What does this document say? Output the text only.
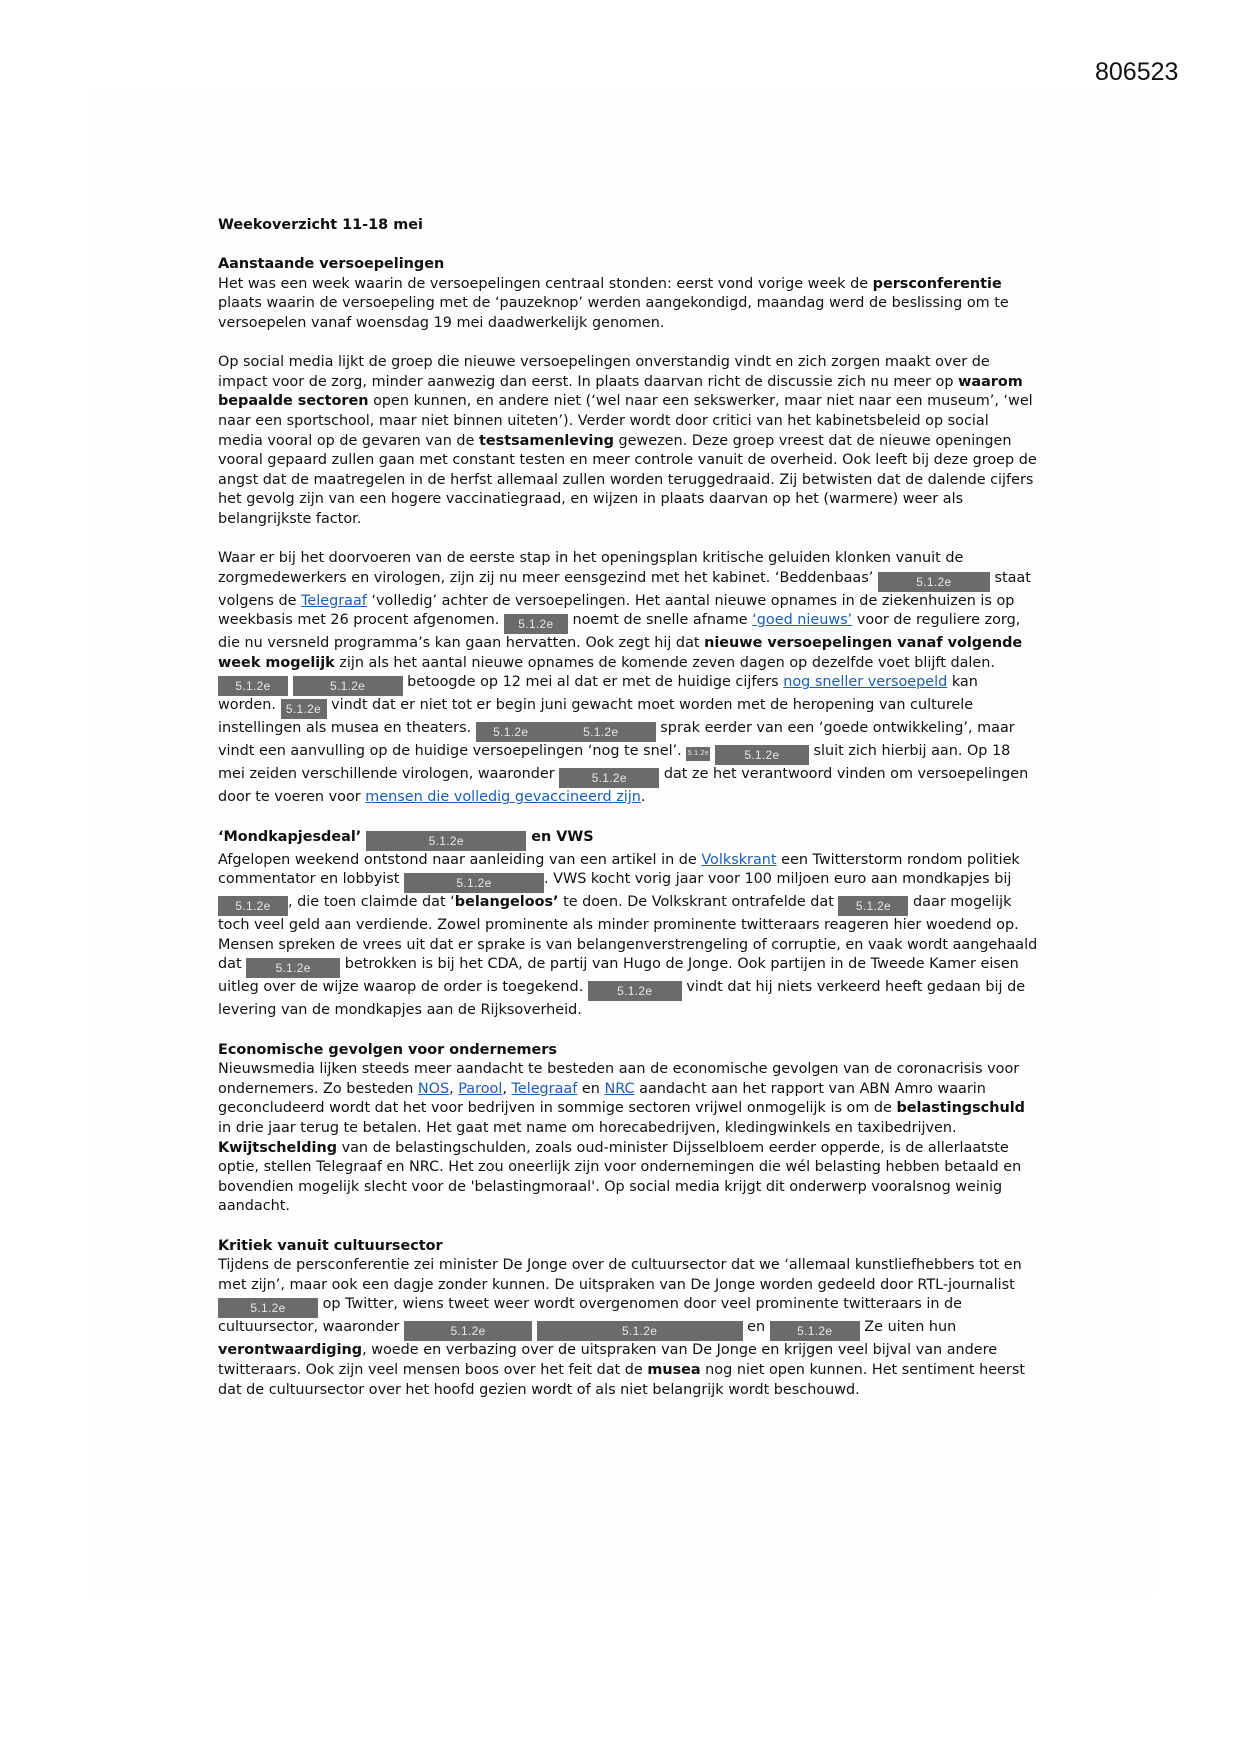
806523
Weekoverzicht 11-18 mei
Aanstaande versoepelingen

Het was een week waarin de versoepelingen centraal stonden: eerst vond vorige week de persconferentie plaats waarin de versoepeling met de ‘pauzeknop’ werden aangekondigd, maandag werd de beslissing om te versoepelen vanaf woensdag 19 mei daadwerkelijk genomen.

Op social media lijkt de groep die nieuwe versoepelingen onverstandig vindt en zich zorgen maakt over de impact voor de zorg, minder aanwezig dan eerst. In plaats daarvan richt de discussie zich nu meer op waarom bepaalde sectoren open kunnen, en andere niet (‘wel naar een sekswerker, maar niet naar een museum’, ‘wel naar een sportschool, maar niet binnen uiteten’). Verder wordt door critici van het kabinetsbeleid op social media vooral op de gevaren van de testsamenleving gewezen. Deze groep vreest dat de nieuwe openingen vooral gepaard zullen gaan met constant testen en meer controle vanuit de overheid. Ook leeft bij deze groep de angst dat de maatregelen in de herfst allemaal zullen worden teruggedraaid. Zij betwisten dat de dalende cijfers het gevolg zijn van een hogere vaccinatiegraad, en wijzen in plaats daarvan op het (warmere) weer als belangrijkste factor.

Waar er bij het doorvoeren van de eerste stap in het openingsplan kritische geluiden klonken vanuit de zorgmedewerkers en virologen, zijn zij nu meer eensgezind met het kabinet. ‘Beddenbaas’	5.1.2e	staat volgens de Telegraaf ‘volledig’ achter de versoepelingen. Het aantal nieuwe opnames in de ziekenhuizen is op weekbasis met 26 procent afgenomen. 5.1.2e noemt de snelle afname ‘goed nieuws’ voor de reguliere zorg, die nu versneld programma’s kan gaan hervatten. Ook zegt hij dat nieuwe versoepelingen vanaf volgende week mogelijk zijn als het aantal nieuwe opnames de komende zeven dagen op dezelfde voet blijft dalen. 5.1.2e	5.1.2e	betoogde op 12 mei al dat er met de huidige cijfers nog sneller versoepeld kan worden. 5.1.2e vindt dat er niet tot er begin juni gewacht moet worden met de heropening van culturele instellingen als musea en theaters. 5.1.2e	5.1.2e	sprak eerder van een ‘goede ontwikkeling’, maar vindt een aanvulling op de huidige versoepelingen ‘nog te snel’. 5.1.2e	5.1.2e sluit zich hierbij aan. Op 18 mei zeiden verschillende virologen, waaronder	5.1.2e dat ze het verantwoord vinden om versoepelingen door te voeren voor mensen die volledig gevaccineerd zijn.

‘Mondkapjesdeal’	5.1.2e	en VWS

Afgelopen weekend ontstond naar aanleiding van een artikel in de Volkskrant een Twitterstorm rondom politiek commentator en lobbyist	5.1.2e	. VWS kocht vorig jaar voor 100 miljoen euro aan mondkapjes bij 5.1.2e , die toen claimde dat ‘belangeloos’ te doen. De Volkskrant ontrafelde dat 5.1.2e daar mogelijk toch veel geld aan verdiende. Zowel prominente als minder prominente twitteraars reageren hier woedend op. Mensen spreken de vrees uit dat er sprake is van belangenverstrengeling of corruptie, en vaak wordt aangehaald dat 5.1.2e betrokken is bij het CDA, de partij van Hugo de Jonge. Ook partijen in de Tweede Kamer eisen uitleg over de wijze waarop de order is toegekend. 5.1.2e vindt dat hij niets verkeerd heeft gedaan bij de levering van de mondkapjes aan de Rijksoverheid.

Economische gevolgen voor ondernemers

Nieuwsmedia lijken steeds meer aandacht te besteden aan de economische gevolgen van de coronacrisis voor ondernemers. Zo besteden NOS, Parool, Telegraaf en NRC aandacht aan het rapport van ABN Amro waarin geconcludeerd wordt dat het voor bedrijven in sommige sectoren vrijwel onmogelijk is om de belastingschuld in drie jaar terug te betalen. Het gaat met name om horecabedrijven, kledingwinkels en taxibedrijven. Kwijtschelding van de belastingschulden, zoals oud-minister Dijsselbloem eerder opperde, is de allerlaatste optie, stellen Telegraaf en NRC. Het zou oneerlijk zijn voor ondernemingen die wél belasting hebben betaald en bovendien mogelijk slecht voor de 'belastingmoraal'. Op social media krijgt dit onderwerp vooralsnog weinig aandacht.

Kritiek vanuit cultuursector

Tijdens de persconferentie zei minister De Jonge over de cultuursector dat we ‘allemaal kunstliefhebbers tot en met zijn’, maar ook een dagje zonder kunnen. De uitspraken van De Jonge worden gedeeld door RTL-journalist 5.1.2e op Twitter, wiens tweet weer wordt overgenomen door veel prominente twitteraars in de cultuursector, waaronder	5.1.2e	5.1.2e	en 5.1.2e Ze uiten hun verontwaardiging, woede en verbazing over de uitspraken van De Jonge en krijgen veel bijval van andere twitteraars. Ook zijn veel mensen boos over het feit dat de musea nog niet open kunnen. Het sentiment heerst dat de cultuursector over het hoofd gezien wordt of als niet belangrijk wordt beschouwd.
